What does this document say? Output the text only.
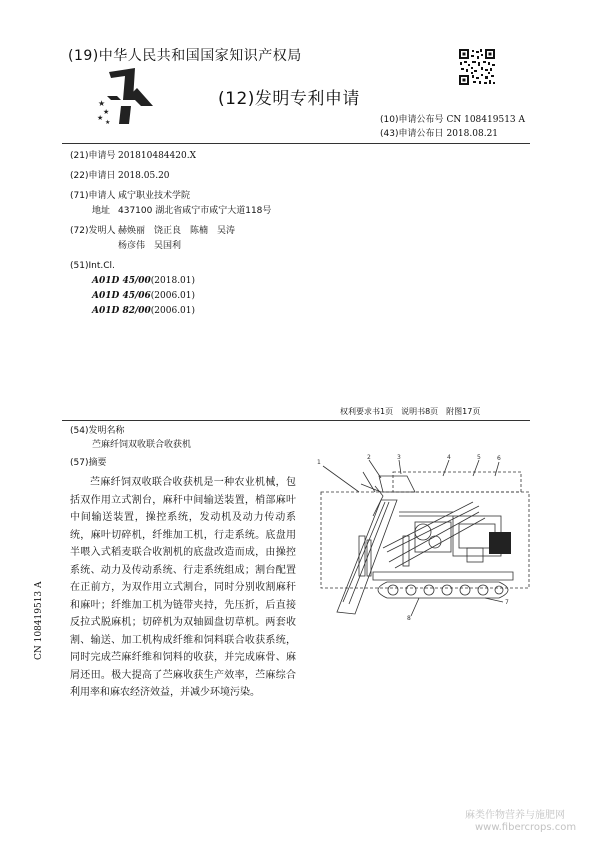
(19)中华人民共和国国家知识产权局
★
★
★
★
(12)发明专利申请
(10)申请公布号 CN 108419513 A
(43)申请公布日 2018.08.21
(21)申请号 201810484420.X
(22)申请日 2018.05.20
(71)申请人 咸宁职业技术学院
地址 437100 湖北省咸宁市咸宁大道118号
(72)发明人 赫焕丽　饶正良　陈楠　吴涛
杨彦伟　吴国利
(51)Int.Cl.
A01D 45/00(2018.01)
A01D 45/06(2006.01)
A01D 82/00(2006.01)
权利要求书1页　说明书8页　附图17页
(54)发明名称
苎麻纤饲双收联合收获机
(57)摘要
苎麻纤饲双收联合收获机是一种农业机械，包括双作用立式割台，麻秆中间输送装置，梢部麻叶中间输送装置，操控系统，发动机及动力传动系统，麻叶切碎机，纤维加工机，行走系统。底盘用半喂入式稻麦联合收割机的底盘改造而成，由操控系统、动力及传动系统、行走系统组成；割台配置在正前方，为双作用立式割台，同时分别收割麻秆和麻叶；纤维加工机为链带夹持，先压折，后直接反拉式脱麻机；切碎机为双轴圆盘切草机。两套收割、输送、加工机构成纤维和饲料联合收获系统，同时完成苎麻纤维和饲料的收获，并完成麻骨、麻屑还田。极大提高了苎麻收获生产效率，苎麻综合利用率和麻农经济效益，并减少环境污染。
1
2	3	4	5	6
7
8
CN 108419513 A
麻类作物营养与施肥网
www.fibercrops.com
